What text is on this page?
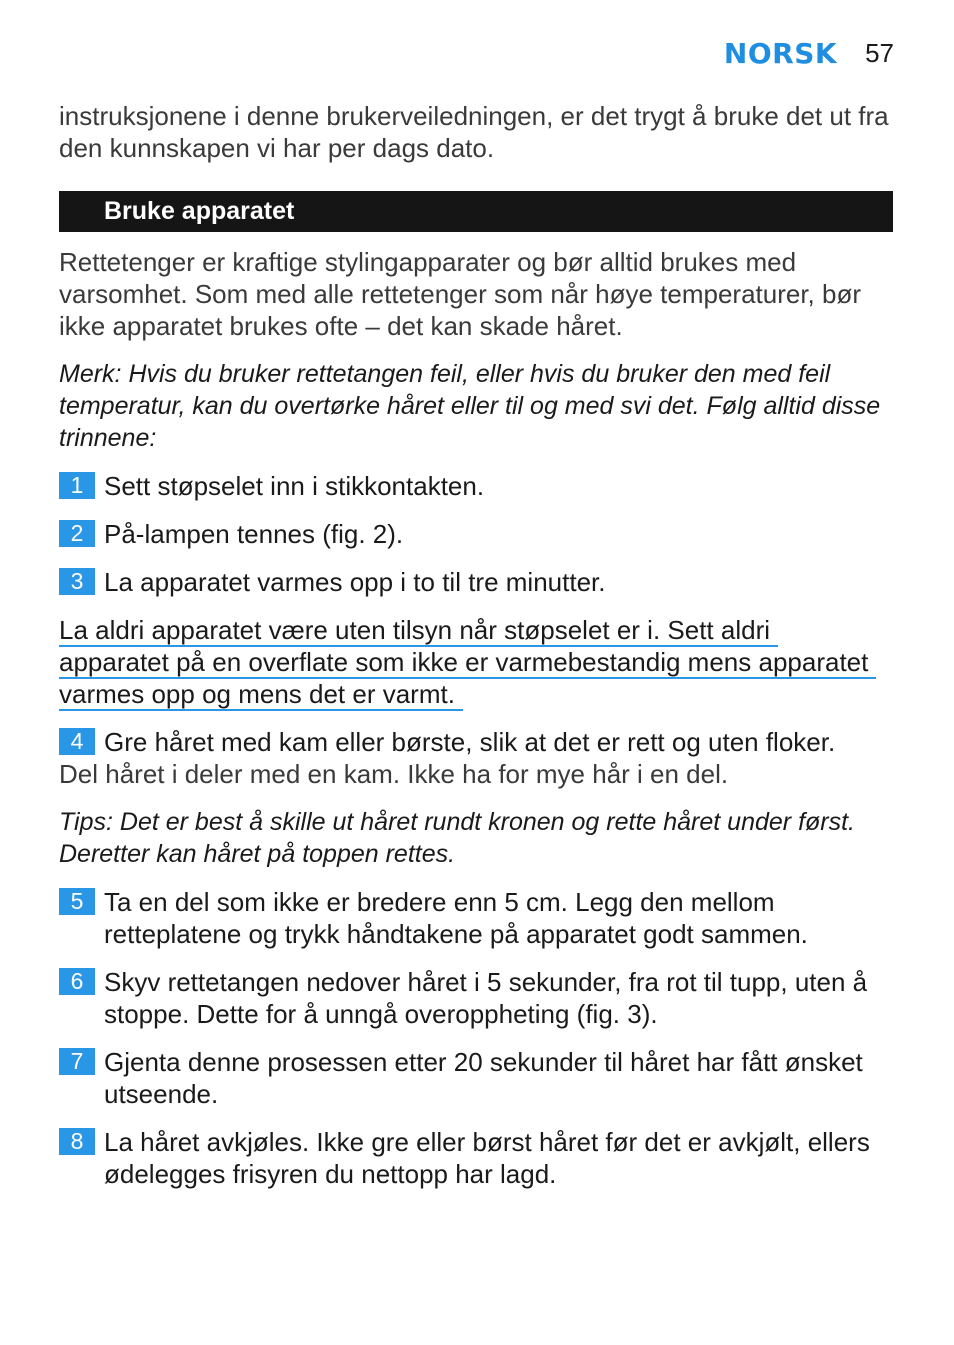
NORSK 57

instruksjonene i denne brukerveiledningen, er det trygt å bruke det ut fra den kunnskapen vi har per dags dato.

Bruke apparatet

Rettetenger er kraftige stylingapparater og bør alltid brukes med varsomhet. Som med alle rettetenger som når høye temperaturer, bør ikke apparatet brukes ofte – det kan skade håret.

Merk: Hvis du bruker rettetangen feil, eller hvis du bruker den med feil temperatur, kan du overtørke håret eller til og med svi det. Følg alltid disse trinnene:

1 Sett støpselet inn i stikkontakten.
2 På-lampen tennes (fig. 2).
3 La apparatet varmes opp i to til tre minutter.
La aldri apparatet være uten tilsyn når støpselet er i. Sett aldri
apparatet på en overflate som ikke er varmebestandig mens apparatet
varmes opp og mens det er varmt.
4 Gre håret med kam eller børste, slik at det er rett og uten floker.

Del håret i deler med en kam. Ikke ha for mye hår i en del.

Tips: Det er best å skille ut håret rundt kronen og rette håret under først. Deretter kan håret på toppen rettes.

5 Ta en del som ikke er bredere enn 5 cm. Legg den mellom retteplatene og trykk håndtakene på apparatet godt sammen.
6 Skyv rettetangen nedover håret i 5 sekunder, fra rot til tupp, uten å stoppe. Dette for å unngå overoppheting (fig. 3).
7 Gjenta denne prosessen etter 20 sekunder til håret har fått ønsket utseende.
8 La håret avkjøles. Ikke gre eller børst håret før det er avkjølt, ellers ødelegges frisyren du nettopp har lagd.
